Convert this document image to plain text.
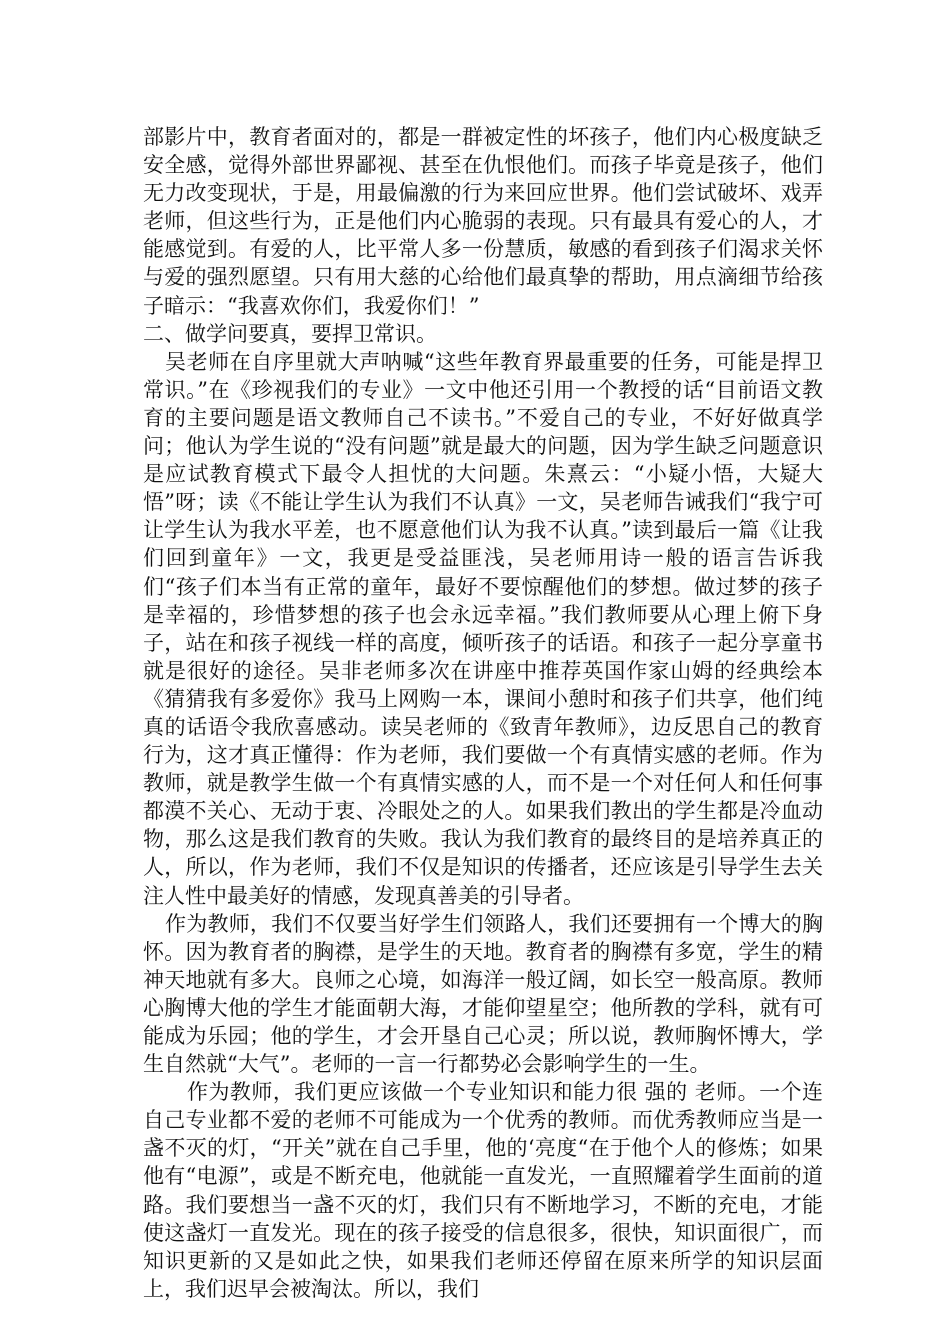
部影片中，教育者面对的，都是一群被定性的坏孩子，他们内心极度缺乏安全感，觉得外部世界鄙视、甚至在仇恨他们。而孩子毕竟是孩子，他们无力改变现状，于是，用最偏激的行为来回应世界。他们尝试破坏、戏弄老师，但这些行为，正是他们内心脆弱的表现。只有最具有爱心的人，才能感觉到。有爱的人，比平常人多一份慧质，敏感的看到孩子们渴求关怀与爱的强烈愿望。只有用大慈的心给他们最真挚的帮助，用点滴细节给孩子暗示：“我喜欢你们，我爱你们！”

二、做学问要真，要捍卫常识。

吴老师在自序里就大声呐喊“这些年教育界最重要的任务，可能是捍卫常识。”在《珍视我们的专业》一文中他还引用一个教授的话“目前语文教育的主要问题是语文教师自己不读书。”不爱自己的专业，不好好做真学问；他认为学生说的“没有问题”就是最大的问题，因为学生缺乏问题意识是应试教育模式下最令人担忧的大问题。朱熹云：“小疑小悟，大疑大悟”呀；读《不能让学生认为我们不认真》一文，吴老师告诫我们“我宁可让学生认为我水平差，也不愿意他们认为我不认真。”读到最后一篇《让我们回到童年》一文，我更是受益匪浅，吴老师用诗一般的语言告诉我们“孩子们本当有正常的童年，最好不要惊醒他们的梦想。做过梦的孩子是幸福的，珍惜梦想的孩子也会永远幸福。”我们教师要从心理上俯下身子，站在和孩子视线一样的高度，倾听孩子的话语。和孩子一起分享童书就是很好的途径。吴非老师多次在讲座中推荐英国作家山姆的经典绘本《猜猜我有多爱你》我马上网购一本，课间小憩时和孩子们共享，他们纯真的话语令我欣喜感动。读吴老师的《致青年教师》，边反思自己的教育行为，这才真正懂得：作为老师，我们要做一个有真情实感的老师。作为教师，就是教学生做一个有真情实感的人，而不是一个对任何人和任何事都漠不关心、无动于衷、冷眼处之的人。如果我们教出的学生都是冷血动物，那么这是我们教育的失败。我认为我们教育的最终目的是培养真正的人，所以，作为老师，我们不仅是知识的传播者，还应该是引导学生去关注人性中最美好的情感，发现真善美的引导者。

作为教师，我们不仅要当好学生们领路人，我们还要拥有一个博大的胸怀。因为教育者的胸襟，是学生的天地。教育者的胸襟有多宽，学生的精神天地就有多大。良师之心境，如海洋一般辽阔，如长空一般高原。教师心胸博大他的学生才能面朝大海，才能仰望星空；他所教的学科，就有可能成为乐园；他的学生，才会开垦自己心灵；所以说，教师胸怀博大，学生自然就“大气”。老师的一言一行都势必会影响学生的一生。

作为教师，我们更应该做一个专业知识和能力很 强的 老师。一个连自己专业都不爱的老师不可能成为一个优秀的教师。而优秀教师应当是一盏不灭的灯，“开关”就在自己手里，他的‘亮度“在于他个人的修炼；如果他有“电源”，或是不断充电，他就能一直发光，一直照耀着学生面前的道路。我们要想当一盏不灭的灯，我们只有不断地学习，不断的充电，才能使这盏灯一直发光。现在的孩子接受的信息很多，很快，知识面很广，而知识更新的又是如此之快，如果我们老师还停留在原来所学的知识层面上，我们迟早会被淘汰。所以，我们
